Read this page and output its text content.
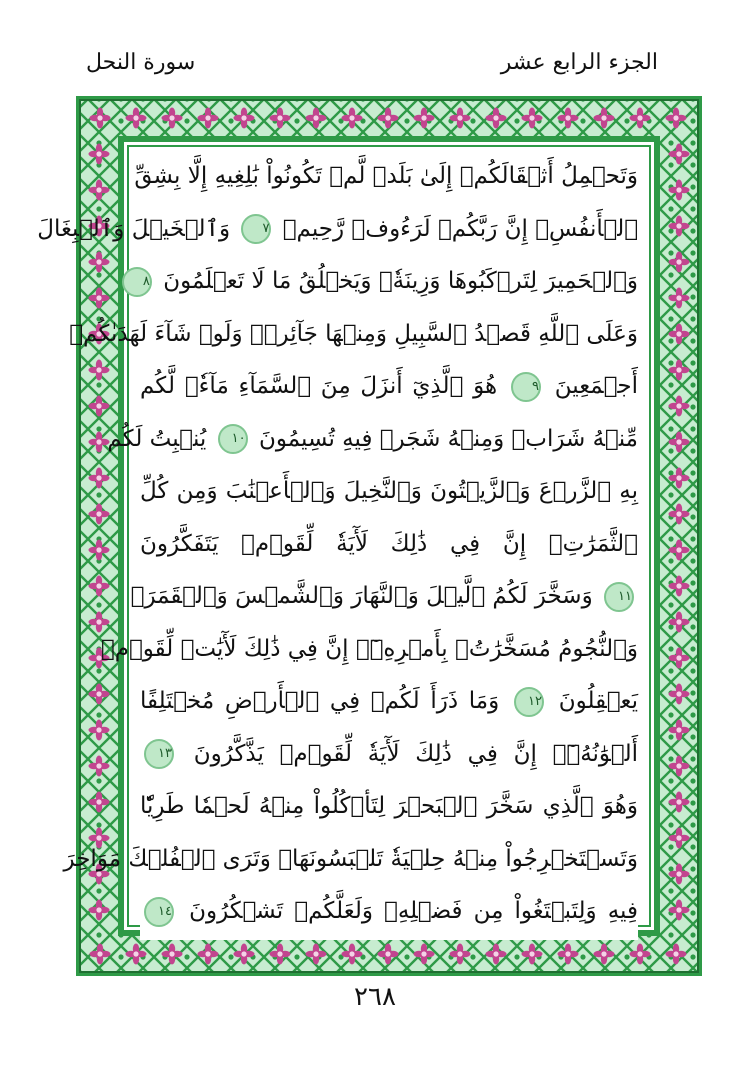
الجزء الرابع عشر
سورة النحل
وَتَحۡمِلُ أَثۡقَالَكُمۡ إِلَىٰ بَلَدٖ لَّمۡ تَكُونُواْ بَٰلِغِيهِ إِلَّا بِشِقِّ
ٱلۡأَنفُسِۚ إِنَّ رَبَّكُمۡ لَرَءُوفٞ رَّحِيمٞ ٧ وَٱلۡخَيۡلَ وَٱلۡبِغَالَ
وَٱلۡحَمِيرَ لِتَرۡكَبُوهَا وَزِينَةٗۚ وَيَخۡلُقُ مَا لَا تَعۡلَمُونَ ٨
وَعَلَى ٱللَّهِ قَصۡدُ ٱلسَّبِيلِ وَمِنۡهَا جَآئِرٞۚ وَلَوۡ شَآءَ لَهَدَىٰكُمۡ
أَجۡمَعِينَ ٩ هُوَ ٱلَّذِيٓ أَنزَلَ مِنَ ٱلسَّمَآءِ مَآءٗۖ لَّكُم
مِّنۡهُ شَرَابٞ وَمِنۡهُ شَجَرٞ فِيهِ تُسِيمُونَ ١٠ يُنۢبِتُ لَكُم
بِهِ ٱلزَّرۡعَ وَٱلزَّيۡتُونَ وَٱلنَّخِيلَ وَٱلۡأَعۡنَٰبَ وَمِن كُلِّ
ٱلثَّمَرَٰتِۚ إِنَّ فِي ذَٰلِكَ لَأٓيَةٗ لِّقَوۡمٖ يَتَفَكَّرُونَ
١١ وَسَخَّرَ لَكُمُ ٱلَّيۡلَ وَٱلنَّهَارَ وَٱلشَّمۡسَ وَٱلۡقَمَرَۖ
وَٱلنُّجُومُ مُسَخَّرَٰتُۢ بِأَمۡرِهِۦٓۚ إِنَّ فِي ذَٰلِكَ لَأٓيَٰتٖ لِّقَوۡمٖ
يَعۡقِلُونَ ١٢ وَمَا ذَرَأَ لَكُمۡ فِي ٱلۡأَرۡضِ مُخۡتَلِفًا
أَلۡوَٰنُهُۥٓۚ إِنَّ فِي ذَٰلِكَ لَأٓيَةٗ لِّقَوۡمٖ يَذَّكَّرُونَ ١٣
وَهُوَ ٱلَّذِي سَخَّرَ ٱلۡبَحۡرَ لِتَأۡكُلُواْ مِنۡهُ لَحۡمٗا طَرِيّٗا
وَتَسۡتَخۡرِجُواْ مِنۡهُ حِلۡيَةٗ تَلۡبَسُونَهَاۖ وَتَرَى ٱلۡفُلۡكَ مَوَاخِرَ
فِيهِ وَلِتَبۡتَغُواْ مِن فَضۡلِهِۦ وَلَعَلَّكُمۡ تَشۡكُرُونَ ١٤
٢٦٨
